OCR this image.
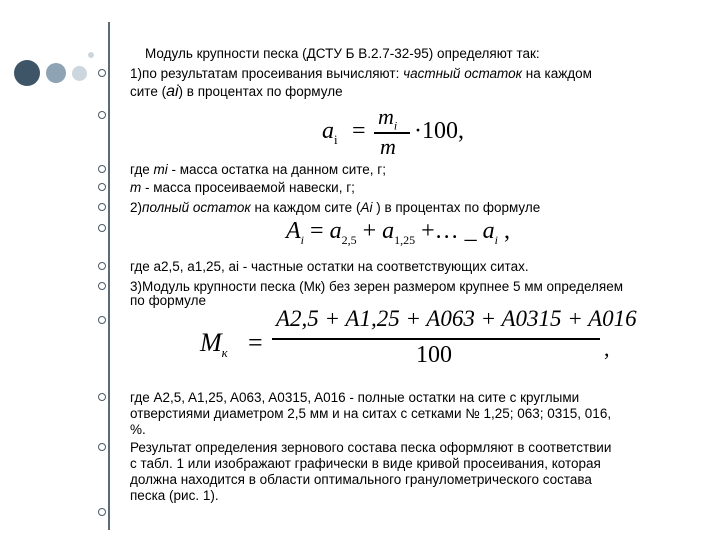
Модуль крупности песка (ДСТУ Б В.2.7-32-95) определяют так:
1)по результатам просеивания вычисляют: частный остаток на каждом
сите (ai) в процентах по формуле
$a_i$ =
$m_i$
m
·100,
где mi - масса остатка на данном сите, г;
m - масса просеиваемой навески, г;
2)полный остаток на каждом сите (Ai ) в процентах по формуле
$A_i = a_{2,5} + a_{1,25}$ +… _ $a_i$ ,
где a2,5, a1,25, ai - частные остатки на соответствующих ситах.
3)Модуль крупности песка (Мк) без зерен размером крупнее 5 мм определяем
по формуле
$M_к$ =
A2,5 + A1,25 + A063 + A0315 + A016
100	,
где A2,5, A1,25, A063, A0315, A016 - полные остатки на сите с круглыми
отверстиями диаметром 2,5 мм и на ситах с сетками № 1,25; 063; 0315, 016,
%.
Результат определения зернового состава песка оформляют в соответствии
с табл. 1 или изображают графически в виде кривой просеивания, которая
должна находится в области оптимального гранулометрического состава
песка (рис. 1).
